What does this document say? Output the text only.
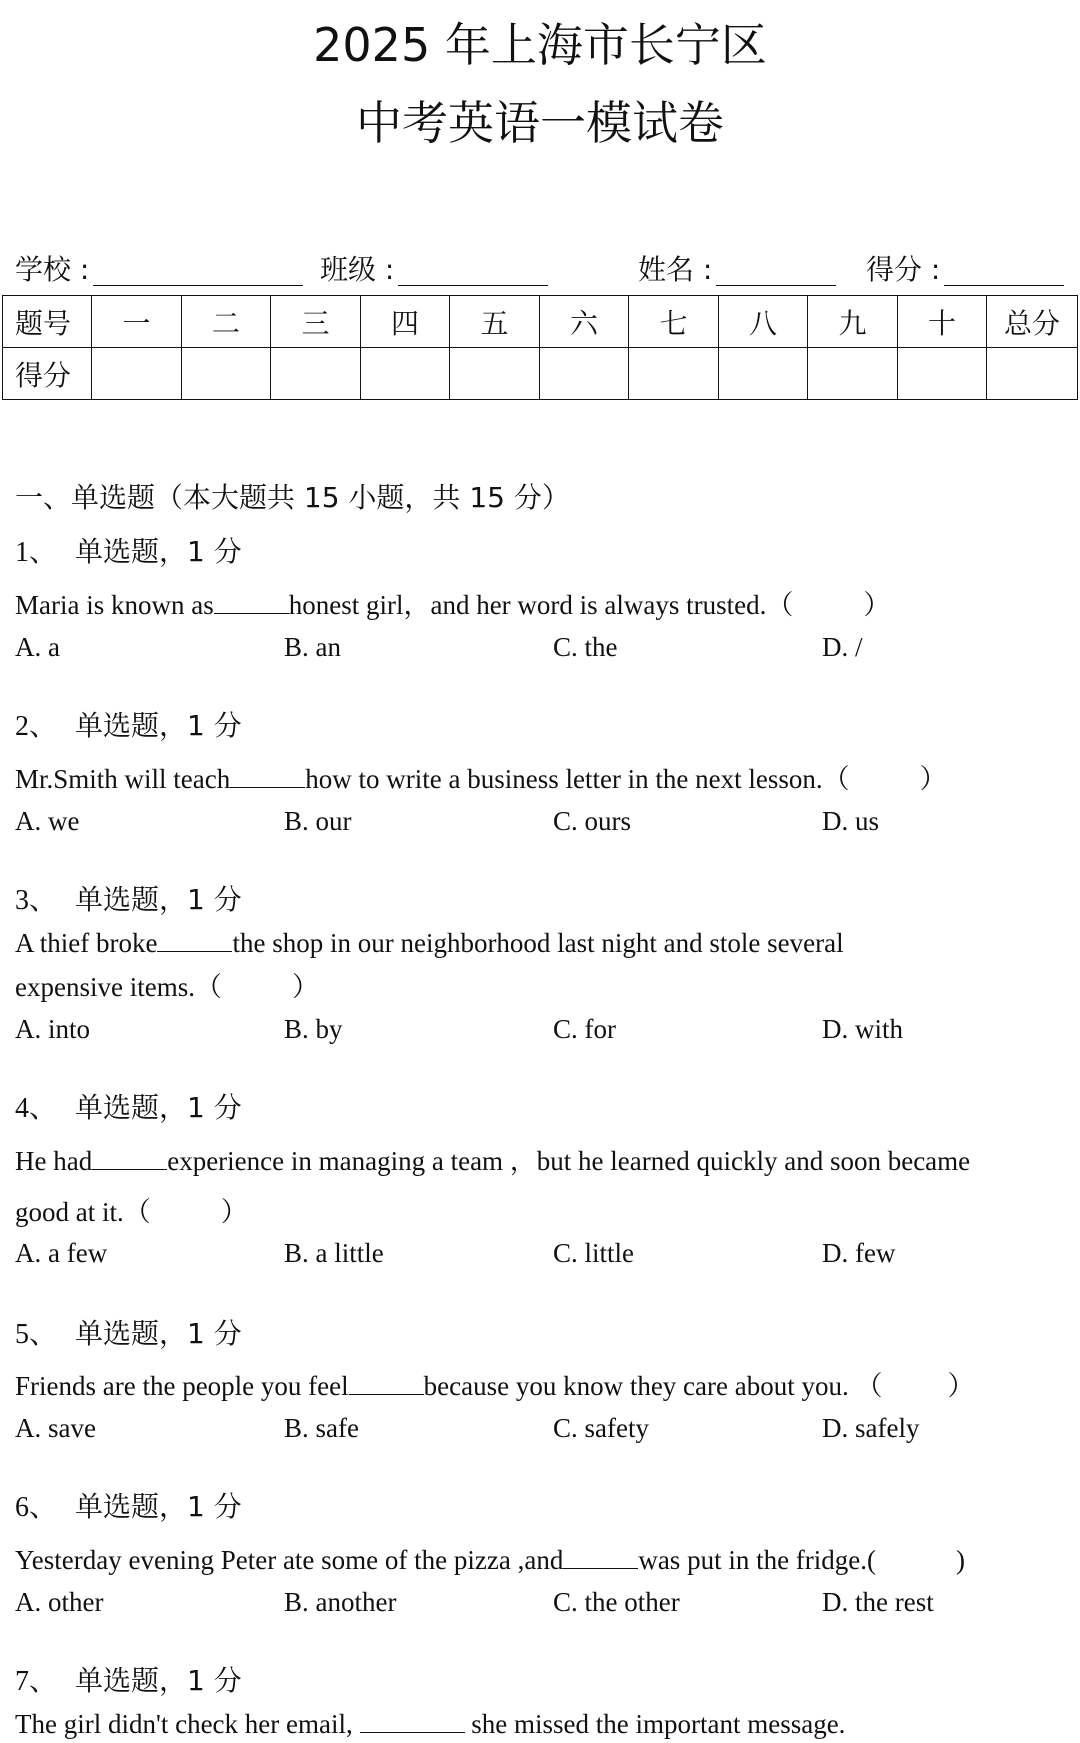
2025 年上海市长宁区
中考英语一模试卷
学校 :	班级 :	姓名 :	得分 :
题号	一	二	三	四	五	六	七	八	九	十	总分
得分											
一、单选题（本大题共 15 小题，共 15 分）
1、 单选题，1 分
Maria is known as	honest girl，and her word is always trusted.（	）
A. a	B. an	C. the	D. /
2、 单选题，1 分
Mr.Smith will teach	how to write a business letter in the next lesson.（	）
A. we	B. our	C. ours	D. us
3、 单选题，1 分
A thief broke	the shop in our neighborhood last night and stole several
expensive items.（	）
A. into	B. by	C. for	D. with
4、 单选题，1 分
He had	experience in managing a team ，but he learned quickly and soon became
good at it.（	）
A. a few	B. a little	C. little	D. few
5、 单选题，1 分
Friends are the people you feel	because you know they care about you. （ ）
A. save	B. safe	C. safety	D. safely
6、 单选题，1 分
Yesterday evening Peter ate some of the pizza ,and	was put in the fridge.(	)
A. other	B. another	C. the other	D. the rest
7、 单选题，1 分
The girl didn't check her email,	she missed the important message.
